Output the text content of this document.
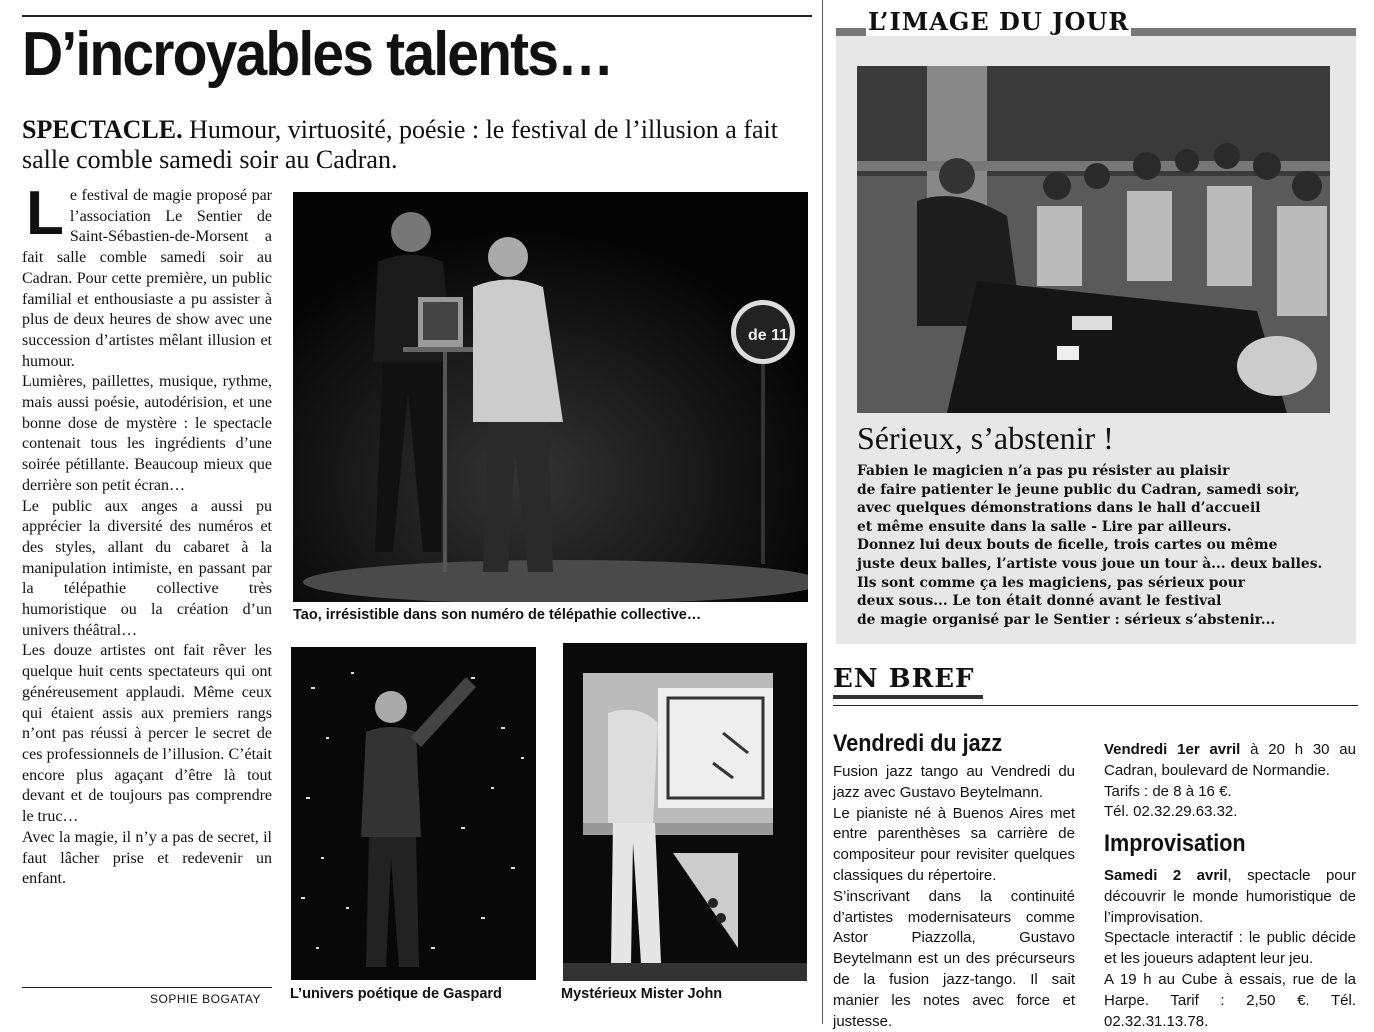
D’incroyables talents…
SPECTACLE. Humour, virtuosité, poésie : le festival de l’illusion a fait salle comble samedi soir au Cadran.

Le festival de magie proposé par l’association Le Sentier de Saint-Sébastien-de-Morsent a fait salle comble samedi soir au Cadran. Pour cette première, un public familial et enthousiaste a pu assister à plus de deux heures de show avec une succession d’artistes mêlant illusion et humour.

Lumières, paillettes, musique, rythme, mais aussi poésie, autodérision, et une bonne dose de mystère : le spectacle contenait tous les ingrédients d’une soirée pétillante. Beaucoup mieux que derrière son petit écran…

Le public aux anges a aussi pu apprécier la diversité des numéros et des styles, allant du cabaret à la manipulation intimiste, en passant par la télépathie collective très humoristique ou la création d’un univers théâtral…

Les douze artistes ont fait rêver les quelque huit cents spectateurs qui ont généreusement applaudi. Même ceux qui étaient assis aux premiers rangs n’ont pas réussi à percer le secret de ces professionnels de l’illusion. C’était encore plus agaçant d’être là tout devant et de toujours pas comprendre le truc…

Avec la magie, il n’y a pas de secret, il faut lâcher prise et redevenir un enfant.

de 11
Tao, irrésistible dans son numéro de télépathie collective…
L’univers poétique de Gaspard	Mystérieux Mister John
SOPHIE BOGATAY
L’IMAGE DU JOUR
Sérieux, s’abstenir !

Fabien le magicien n’a pas pu résister au plaisir

de faire patienter le jeune public du Cadran, samedi soir,

avec quelques démonstrations dans le hall d’accueil

et même ensuite dans la salle - Lire par ailleurs.

Donnez lui deux bouts de ficelle, trois cartes ou même

juste deux balles, l’artiste vous joue un tour à... deux balles.

Ils sont comme ça les magiciens, pas sérieux pour

deux sous... Le ton était donné avant le festival

de magie organisé par le Sentier : sérieux s’abstenir...

EN BREF
Vendredi du jazz

Fusion jazz tango au Vendredi du jazz avec Gustavo Beytelmann.

Le pianiste né à Buenos Aires met entre parenthèses sa carrière de compositeur pour revisiter quelques classiques du répertoire.

S’inscrivant dans la continuité d’artistes modernisateurs comme Astor Piazzolla, Gustavo Beytelmann est un des précurseurs de la fusion jazz-tango. Il sait manier les notes avec force et justesse.

Vendredi 1er avril à 20 h 30 au Cadran, boulevard de Normandie.

Tarifs : de 8 à 16 €.

Tél. 02.32.29.63.32.

Improvisation

Samedi 2 avril, spectacle pour découvrir le monde humoristique de l’improvisation.

Spectacle interactif : le public décide et les joueurs adaptent leur jeu.

A 19 h au Cube à essais, rue de la Harpe. Tarif : 2,50 €. Tél. 02.32.31.13.78.
